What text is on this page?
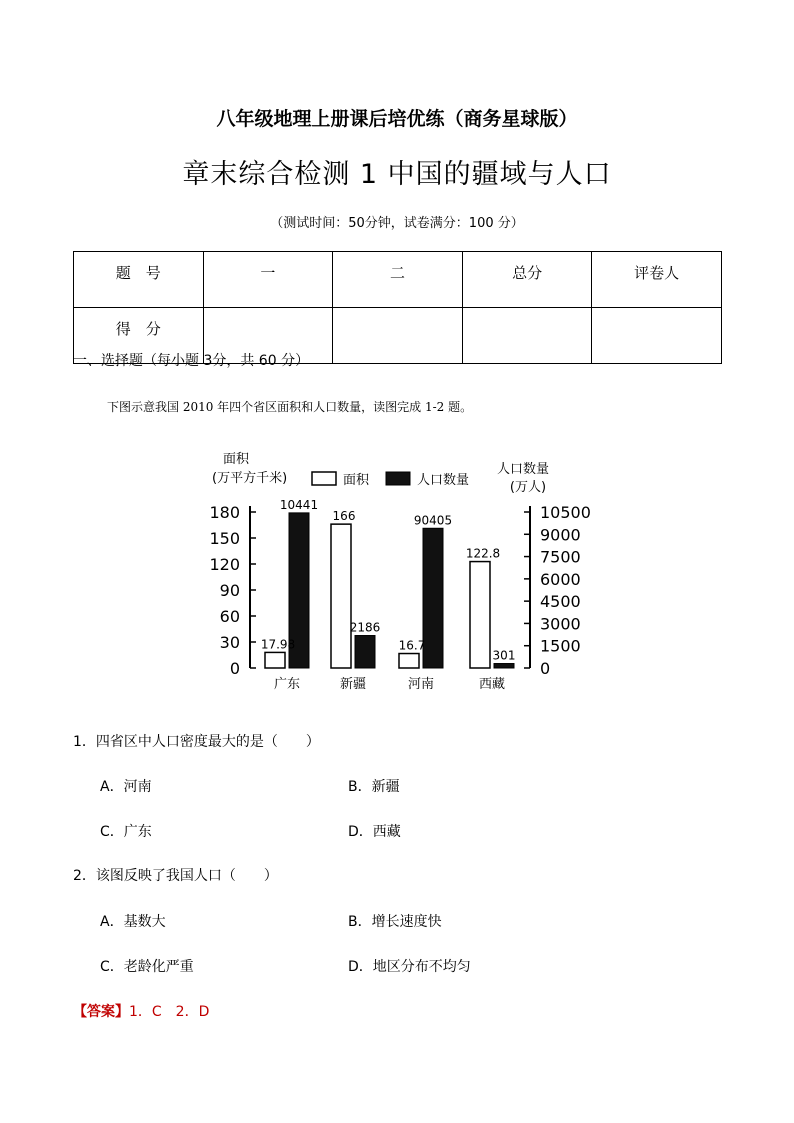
八年级地理上册课后培优练（商务星球版）
章末综合检测 1 中国的疆域与人口
（测试时间：50分钟，试卷满分：100 分）
题　号	一	二	总分	评卷人
得　分				
一、选择题（每小题 3分，共 60 分）
下图示意我国 2010 年四个省区面积和人口数量，读图完成 1-2 题。
0
30
60
90
120
150
180
0
1500
3000
4500
6000
7500
9000
10500
面积
(万平方千米)
人口数量
(万人)
面积	人口数量
17.98
10441
广东
166
2186
新疆
16.7
90405
河南
122.8
301
西藏
1．四省区中人口密度最大的是（　　）
A．河南	B．新疆
C．广东	D．西藏
2．该图反映了我国人口（　　）
A．基数大	B．增长速度快
C．老龄化严重	D．地区分布不均匀
【答案】1．C　2．D
